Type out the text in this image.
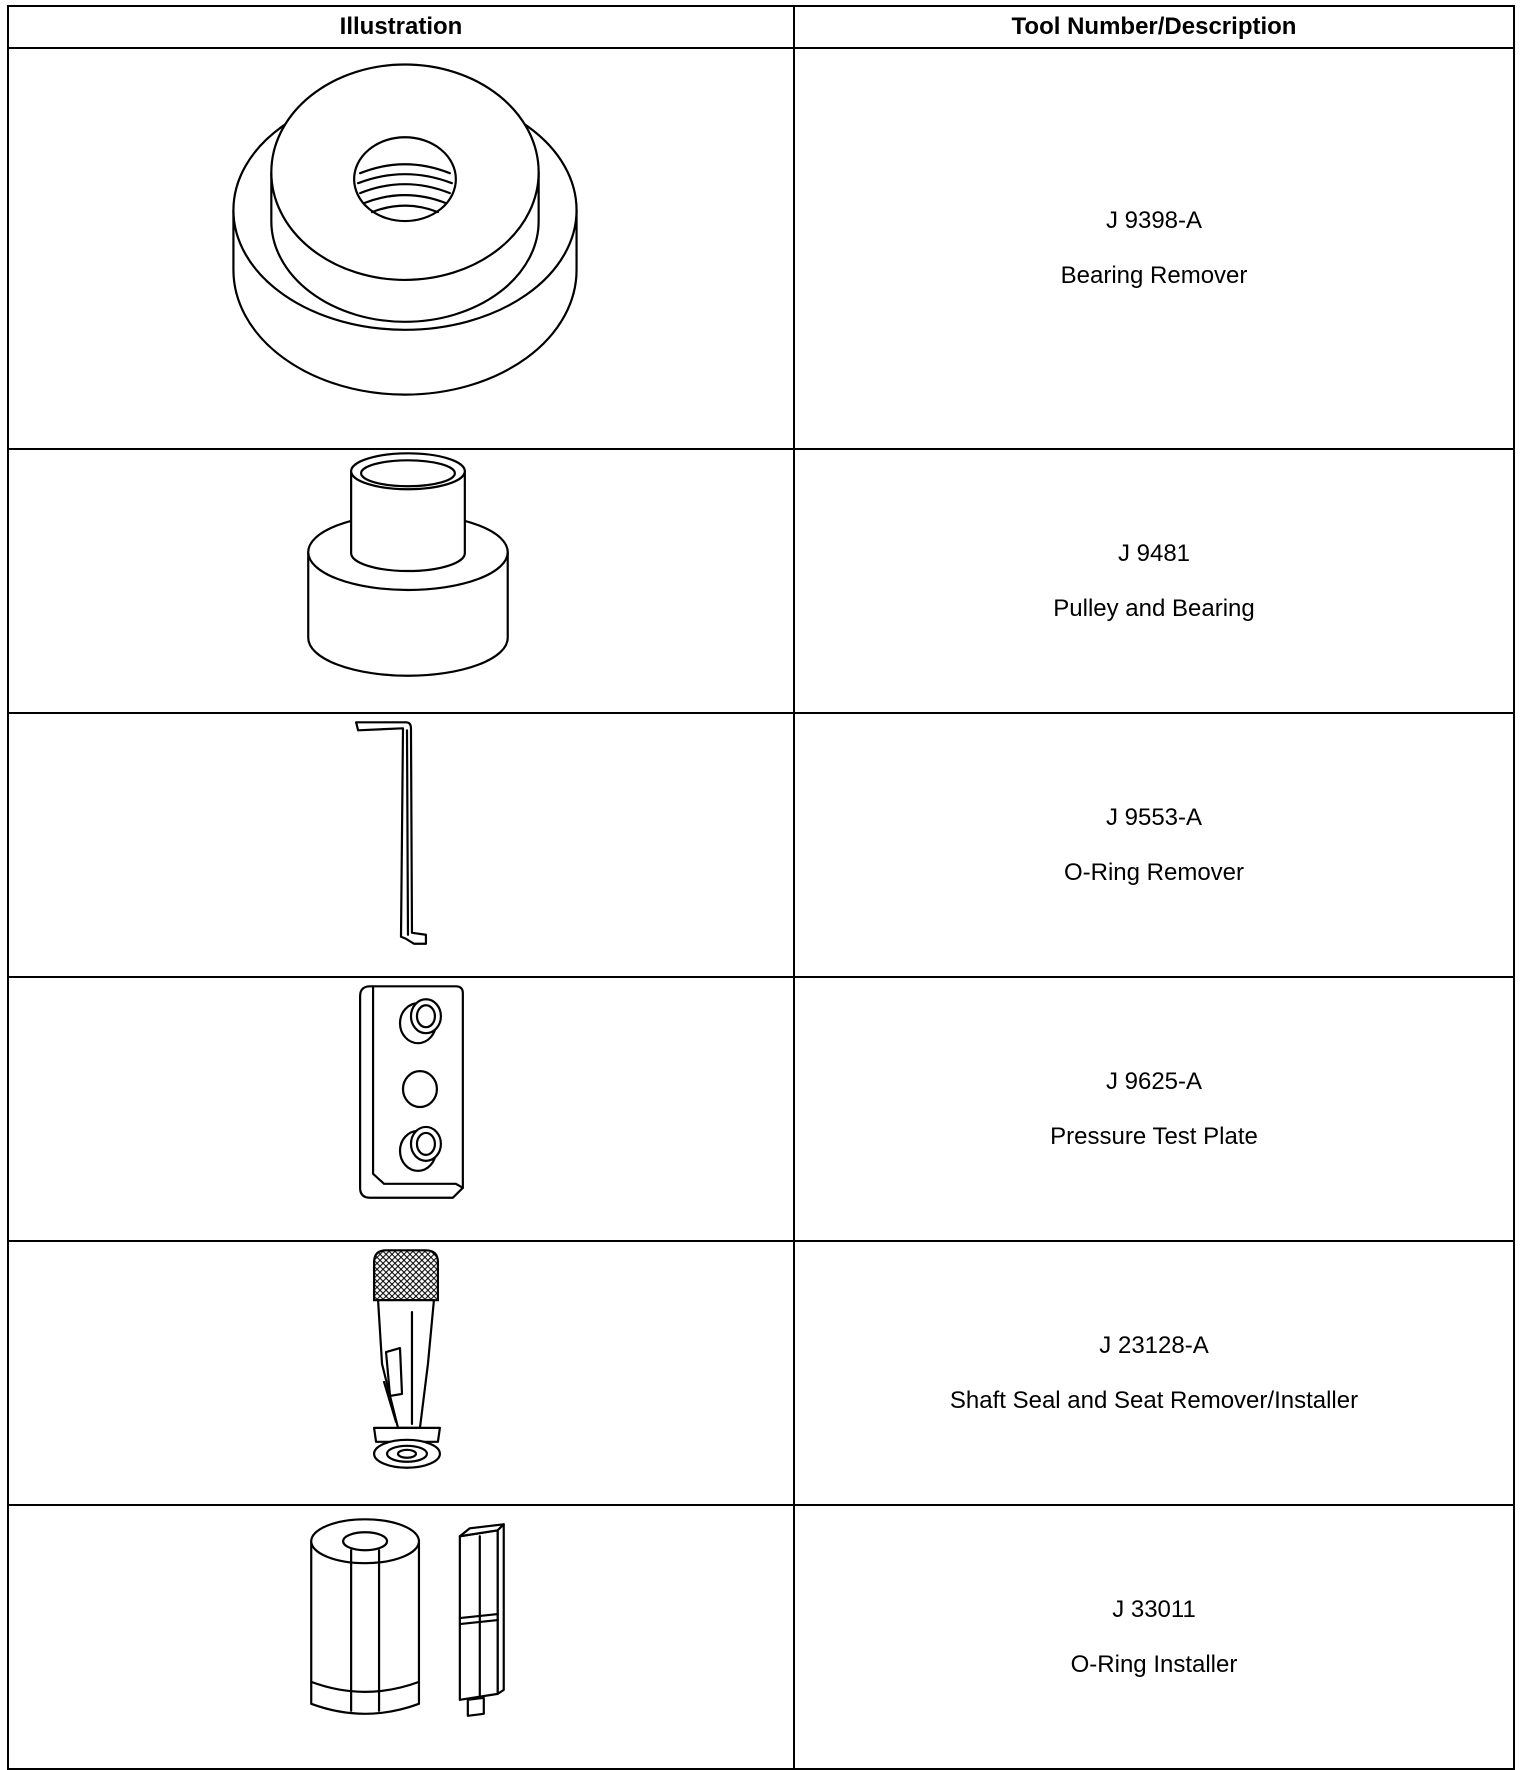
Illustration	Tool Number/Description

J 9398-A
Bearing Remover

J 9481
Pulley and Bearing

J 9553-A
O-Ring Remover

J 9625-A
Pressure Test Plate

J 23128-A
Shaft Seal and Seat Remover/Installer

J 33011
O-Ring Installer
